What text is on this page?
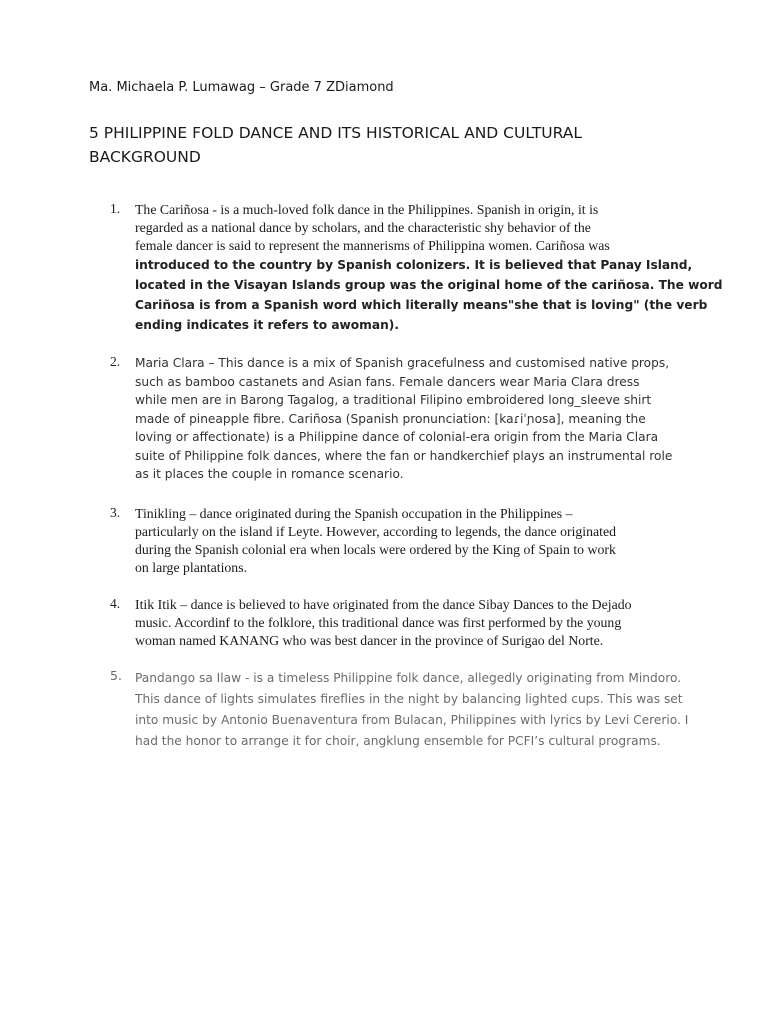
Ma. Michaela P. Lumawag – Grade 7 ZDiamond
5 PHILIPPINE FOLD DANCE AND ITS HISTORICAL AND CULTURAL
BACKGROUND
1. The Cariñosa - is a much-loved folk dance in the Philippines. Spanish in origin, it is
regarded as a national dance by scholars, and the characteristic shy behavior of the
female dancer is said to represent the mannerisms of Philippina women. Cariñosa was
introduced to the country by Spanish colonizers. It is believed that Panay Island,
located in the Visayan Islands group was the original home of the cariñosa. The word
Cariñosa is from a Spanish word which literally means"she that is loving" (the verb
ending indicates it refers to awoman).
2. Maria Clara – This dance is a mix of Spanish gracefulness and customised native props,
such as bamboo castanets and Asian fans. Female dancers wear Maria Clara dress
while men are in Barong Tagalog, a traditional Filipino embroidered long_sleeve shirt
made of pineapple fibre. Cariñosa (Spanish pronunciation: [kaɾiˈɲosa], meaning the
loving or affectionate) is a Philippine dance of colonial-era origin from the Maria Clara
suite of Philippine folk dances, where the fan or handkerchief plays an instrumental role
as it places the couple in romance scenario.
3. Tinikling – dance originated during the Spanish occupation in the Philippines –
particularly on the island if Leyte. However, according to legends, the dance originated
during the Spanish colonial era when locals were ordered by the King of Spain to work
on large plantations.
4. Itik Itik – dance is believed to have originated from the dance Sibay Dances to the Dejado
music. Accordinf to the folklore, this traditional dance was first performed by the young
woman named KANANG who was best dancer in the province of Surigao del Norte.
5. Pandango sa Ilaw - is a timeless Philippine folk dance, allegedly originating from Mindoro.
This dance of lights simulates fireflies in the night by balancing lighted cups. This was set
into music by Antonio Buenaventura from Bulacan, Philippines with lyrics by Levi Cererio. I
had the honor to arrange it for choir, angklung ensemble for PCFI’s cultural programs.
